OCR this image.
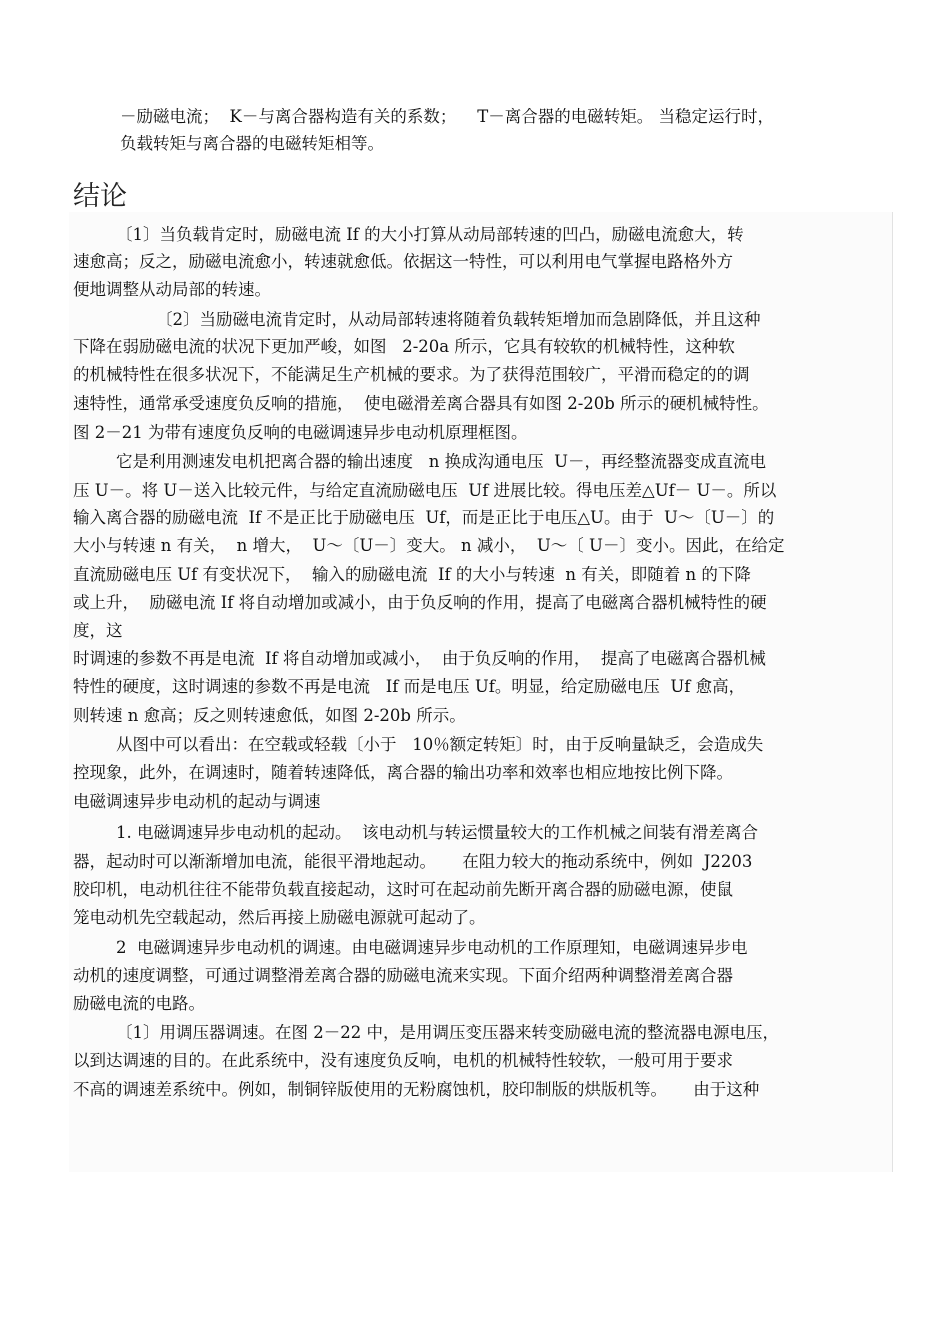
－励磁电流；  K－与离合器构造有关的系数；    T－离合器的电磁转矩。 当稳定运行时，
负载转矩与离合器的电磁转矩相等。
结论
〔1〕当负载肯定时，励磁电流 If 的大小打算从动局部转速的凹凸，励磁电流愈大，转
速愈高；反之，励磁电流愈小，转速就愈低。依据这一特性，可以利用电气掌握电路格外方
便地调整从动局部的转速。
〔2〕当励磁电流肯定时，从动局部转速将随着负载转矩增加而急剧降低，并且这种
下降在弱励磁电流的状况下更加严峻，如图   2-20a 所示，它具有较软的机械特性，这种软
的机械特性在很多状况下，不能满足生产机械的要求。为了获得范围较广，平滑而稳定的的调
速特性，通常承受速度负反响的措施，  使电磁滑差离合器具有如图 2-20b 所示的硬机械特性。
图 2－21 为带有速度负反响的电磁调速异步电动机原理框图。
它是利用测速发电机把离合器的输出速度   n 换成沟通电压  U－，再经整流器变成直流电
压 U－。将 U－送入比较元件，与给定直流励磁电压  Uf 进展比较。得电压差△Uf－ U－。所以
输入离合器的励磁电流  If 不是正比于励磁电压  Uf，而是正比于电压△U。由于  U～〔U－〕的
大小与转速 n 有关，  n 增大，  U～〔U－〕变大。 n 减小，  U～〔 U－〕变小。因此，在给定
直流励磁电压 Uf 有变状况下，  输入的励磁电流  If 的大小与转速  n 有关，即随着 n 的下降
或上升，  励磁电流 If 将自动增加或减小，由于负反响的作用，提高了电磁离合器机械特性的硬
度，这
时调速的参数不再是电流  If 将自动增加或减小，  由于负反响的作用，  提高了电磁离合器机械
特性的硬度，这时调速的参数不再是电流   If 而是电压 Uf。明显，给定励磁电压  Uf 愈高，
则转速 n 愈高；反之则转速愈低，如图 2-20b 所示。
从图中可以看出：在空载或轻载〔小于   10％额定转矩〕时，由于反响量缺乏，会造成失
控现象，此外，在调速时，随着转速降低，离合器的输出功率和效率也相应地按比例下降。
电磁调速异步电动机的起动与调速
1. 电磁调速异步电动机的起动。  该电动机与转运惯量较大的工作机械之间装有滑差离合
器，起动时可以渐渐增加电流，能很平滑地起动。     在阻力较大的拖动系统中，例如  J2203
胶印机，电动机往往不能带负载直接起动，这时可在起动前先断开离合器的励磁电源，使鼠
笼电动机先空载起动，然后再接上励磁电源就可起动了。
2  电磁调速异步电动机的调速。由电磁调速异步电动机的工作原理知，电磁调速异步电
动机的速度调整，可通过调整滑差离合器的励磁电流来实现。下面介绍两种调整滑差离合器
励磁电流的电路。
〔1〕用调压器调速。在图 2－22 中，是用调压变压器来转变励磁电流的整流器电源电压，
以到达调速的目的。在此系统中，没有速度负反响，电机的机械特性较软，一般可用于要求
不高的调速差系统中。例如，制铜锌版使用的无粉腐蚀机，胶印制版的烘版机等。     由于这种
